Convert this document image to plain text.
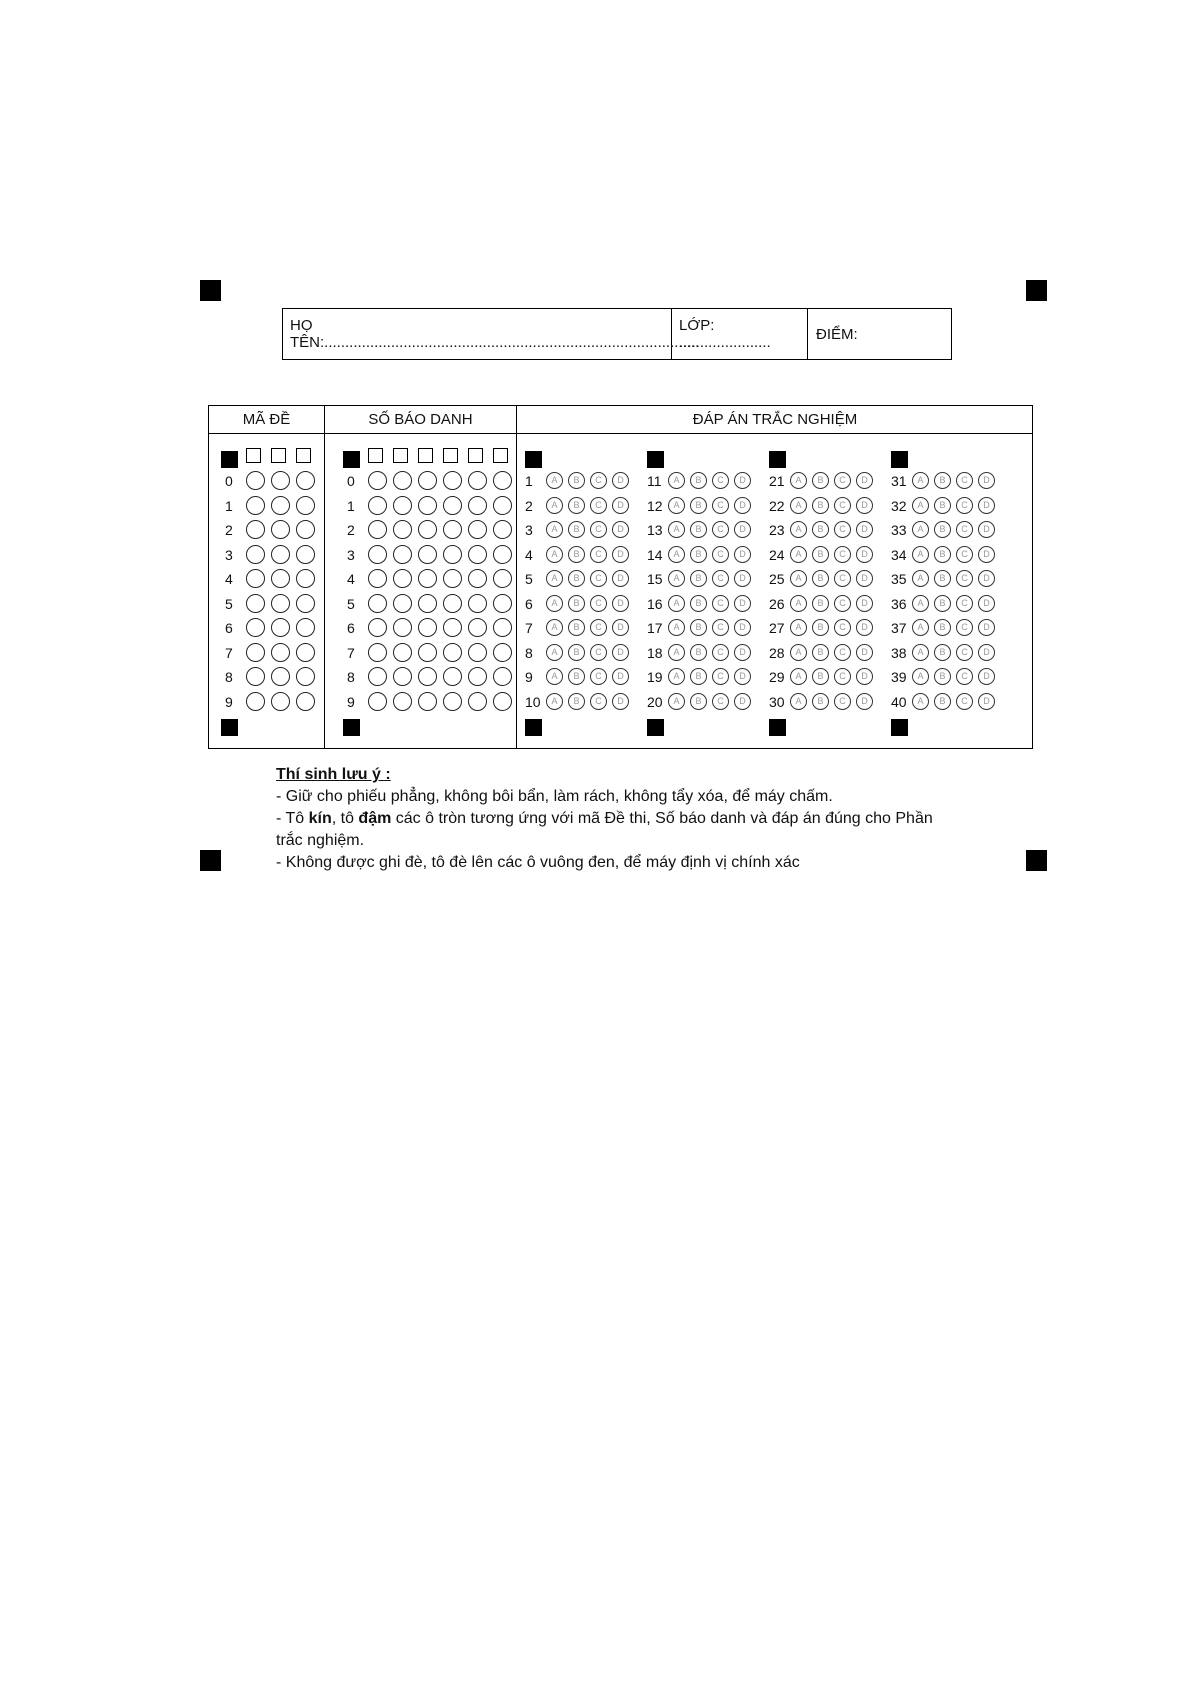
HỌ TÊN:..........................................................................................
LỚP: ......................	ĐIỂM:
MÃ ĐỀ	SỐ BÁO DANH	ĐÁP ÁN TRẮC NGHIỆM
0
1
2
3
4
5
6
7
8
9
0
1
2
3
4
5
6
7
8
9
1	A	B	C	D
2	A	B	C	D
3	A	B	C	D
4	A	B	C	D
5	A	B	C	D
6	A	B	C	D
7	A	B	C	D
8	A	B	C	D
9	A	B	C	D
10	A	B	C	D
11	A	B	C	D
12	A	B	C	D
13	A	B	C	D
14	A	B	C	D
15	A	B	C	D
16	A	B	C	D
17	A	B	C	D
18	A	B	C	D
19	A	B	C	D
20	A	B	C	D
21	A	B	C	D
22	A	B	C	D
23	A	B	C	D
24	A	B	C	D
25	A	B	C	D
26	A	B	C	D
27	A	B	C	D
28	A	B	C	D
29	A	B	C	D
30	A	B	C	D
31	A	B	C	D
32	A	B	C	D
33	A	B	C	D
34	A	B	C	D
35	A	B	C	D
36	A	B	C	D
37	A	B	C	D
38	A	B	C	D
39	A	B	C	D
40	A	B	C	D

Thí sinh lưu ý :

- Giữ cho phiếu phẳng, không bôi bẩn, làm rách, không tẩy xóa, để máy chấm.

- Tô kín, tô đậm các ô tròn tương ứng với mã Đề thi, Số báo danh và đáp án đúng cho Phần trắc nghiệm.

- Không được ghi đè, tô đè lên các ô vuông đen, để máy định vị chính xác
